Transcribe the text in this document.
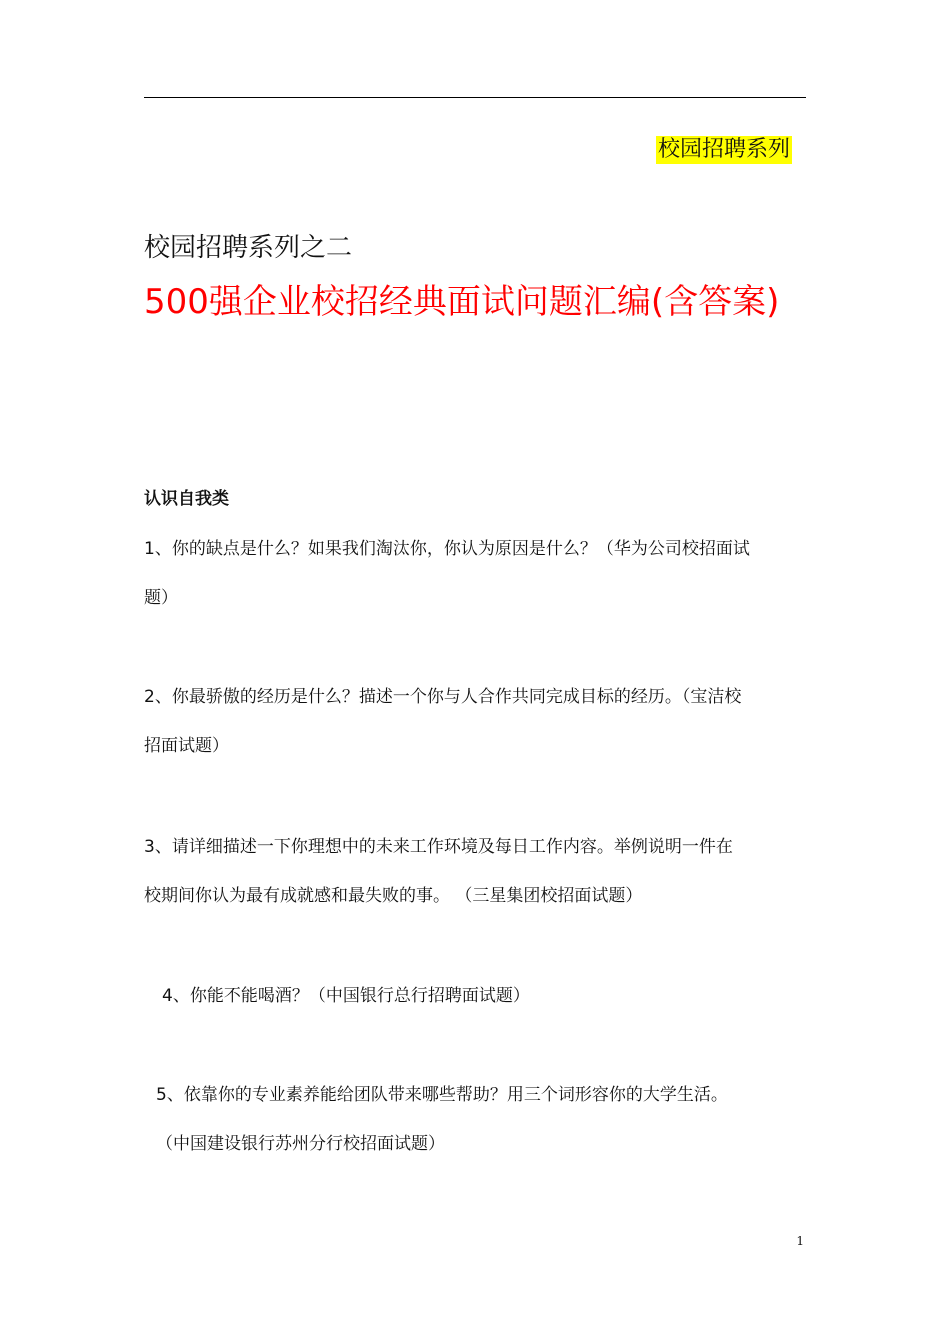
校园招聘系列
校园招聘系列之二
500强企业校招经典面试问题汇编(含答案)
认识自我类
1、你的缺点是什么？如果我们淘汰你，你认为原因是什么？（华为公司校招面试
题）
2、你最骄傲的经历是什么？描述一个你与人合作共同完成目标的经历。（宝洁校
招面试题）
3、请详细描述一下你理想中的未来工作环境及每日工作内容。举例说明一件在
校期间你认为最有成就感和最失败的事。 （三星集团校招面试题）
4、你能不能喝酒？（中国银行总行招聘面试题）
5、依靠你的专业素养能给团队带来哪些帮助？用三个词形容你的大学生活。
（中国建设银行苏州分行校招面试题）
1
